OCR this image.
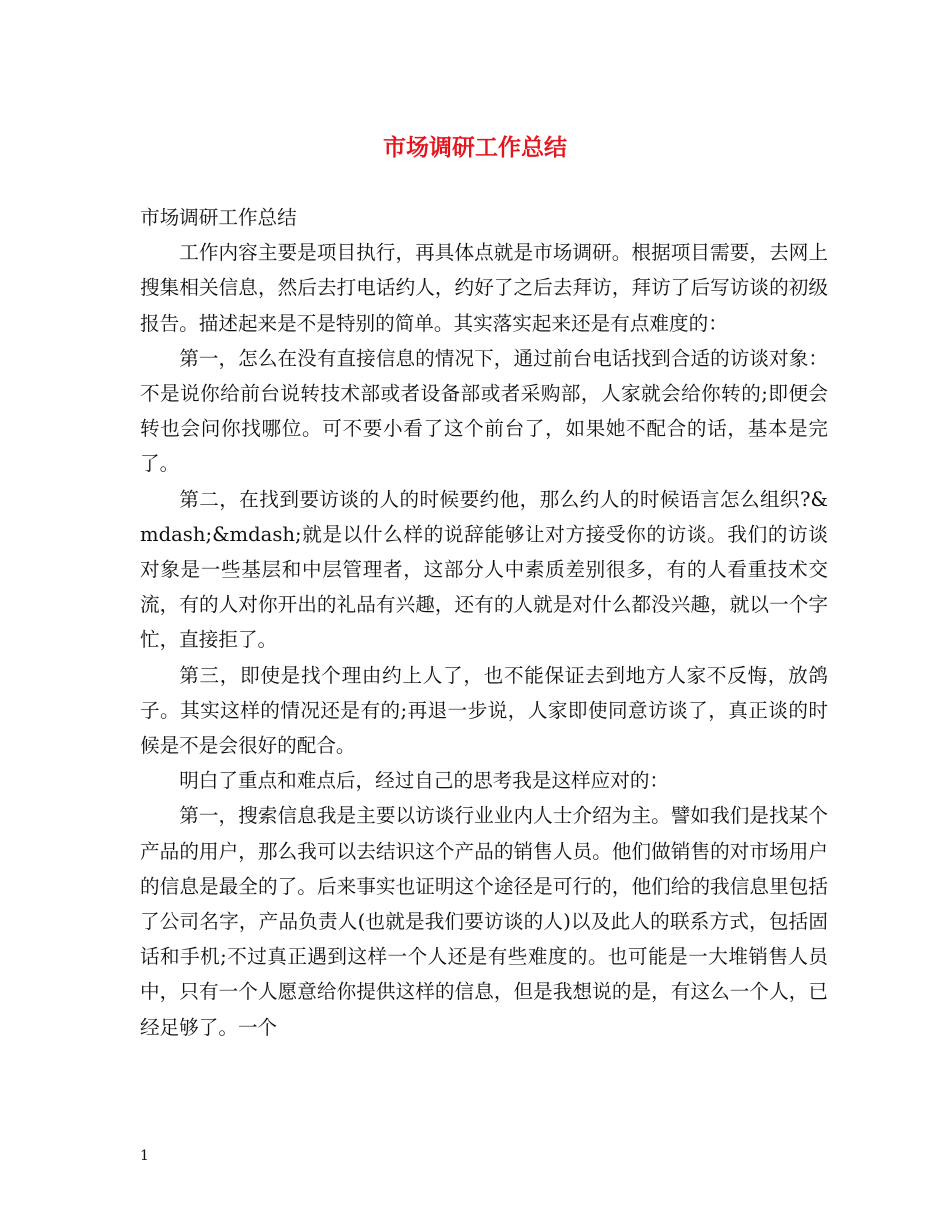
市场调研工作总结

市场调研工作总结

工作内容主要是项目执行，再具体点就是市场调研。根据项目需要，去网上搜集相关信息，然后去打电话约人，约好了之后去拜访，拜访了后写访谈的初级报告。描述起来是不是特别的简单。其实落实起来还是有点难度的：

第一，怎么在没有直接信息的情况下，通过前台电话找到合适的访谈对象：不是说你给前台说转技术部或者设备部或者采购部，人家就会给你转的;即便会转也会问你找哪位。可不要小看了这个前台了，如果她不配合的话，基本是完了。

第二，在找到要访谈的人的时候要约他，那么约人的时候语言怎么组织?&mdash;&mdash;就是以什么样的说辞能够让对方接受你的访谈。我们的访谈对象是一些基层和中层管理者，这部分人中素质差别很多，有的人看重技术交流，有的人对你开出的礼品有兴趣，还有的人就是对什么都没兴趣，就以一个字忙，直接拒了。

第三，即使是找个理由约上人了，也不能保证去到地方人家不反悔，放鸽子。其实这样的情况还是有的;再退一步说，人家即使同意访谈了，真正谈的时候是不是会很好的配合。

明白了重点和难点后，经过自己的思考我是这样应对的：

第一，搜索信息我是主要以访谈行业业内人士介绍为主。譬如我们是找某个产品的用户，那么我可以去结识这个产品的销售人员。他们做销售的对市场用户的信息是最全的了。后来事实也证明这个途径是可行的，他们给的我信息里包括了公司名字，产品负责人(也就是我们要访谈的人)以及此人的联系方式，包括固话和手机;不过真正遇到这样一个人还是有些难度的。也可能是一大堆销售人员中，只有一个人愿意给你提供这样的信息，但是我想说的是，有这么一个人，已经足够了。一个

1
